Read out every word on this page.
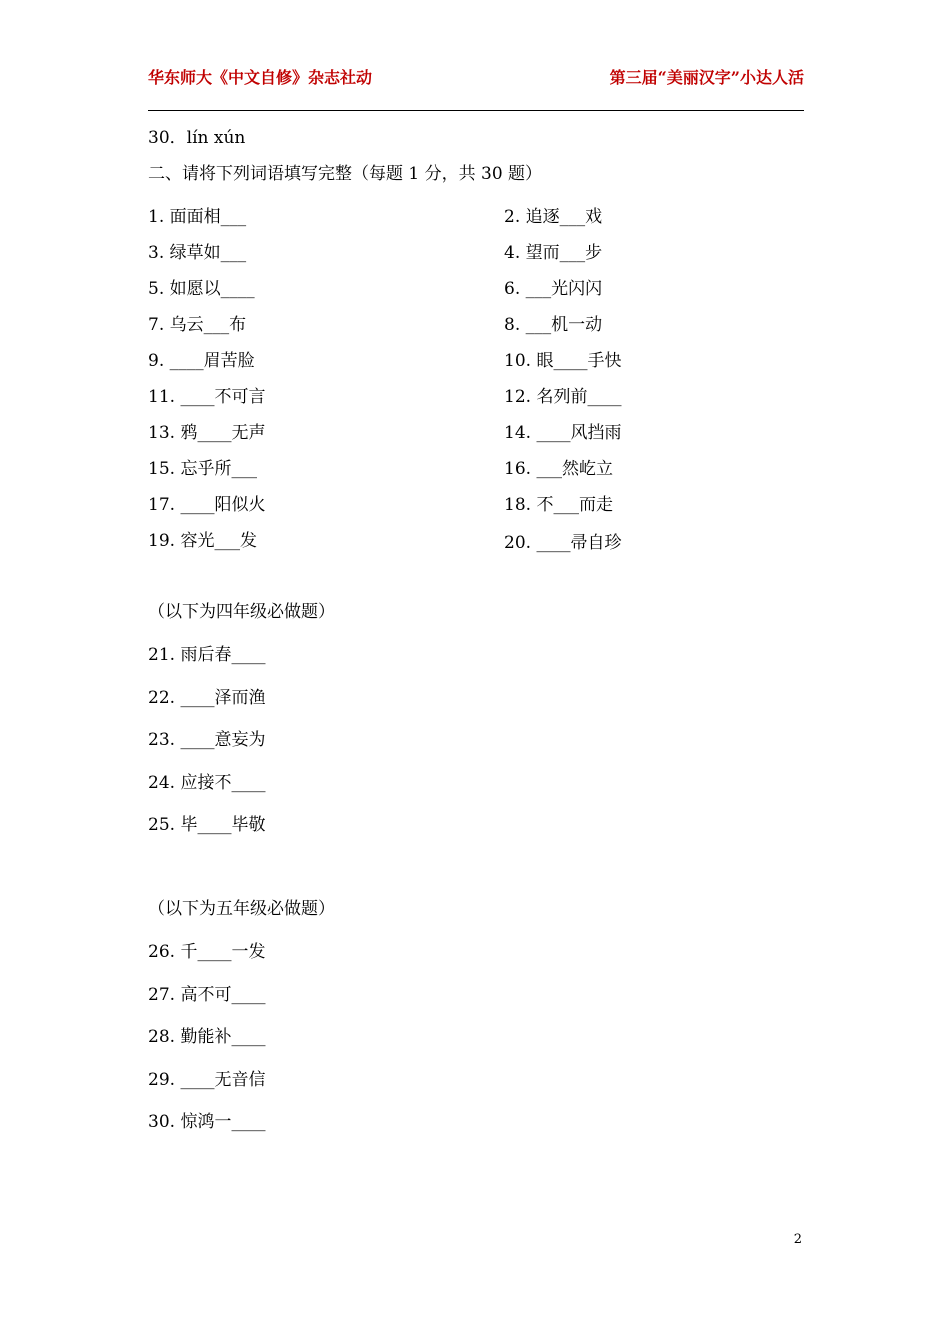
华东师大《中文自修》杂志社动	第三届“美丽汉字”小达人活
30．lín xún
二、请将下列词语填写完整（每题 1 分，共 30 题）
1. 面面相___	2. 追逐___戏
3. 绿草如___	4. 望而___步
5. 如愿以____	6. ___光闪闪
7. 乌云___布	8. ___机一动
9. ____眉苦脸	10. 眼____手快
11. ____不可言	12. 名列前____
13. 鸦____无声	14. ____风挡雨
15. 忘乎所___	16. ___然屹立
17. ____阳似火	18. 不___而走
19. 容光___发	20. ____帚自珍
（以下为四年级必做题）
21. 雨后春____
22. ____泽而渔
23. ____意妄为
24. 应接不____
25. 毕____毕敬
（以下为五年级必做题）
26. 千____一发
27. 高不可____
28. 勤能补____
29. ____无音信
30. 惊鸿一____
2
